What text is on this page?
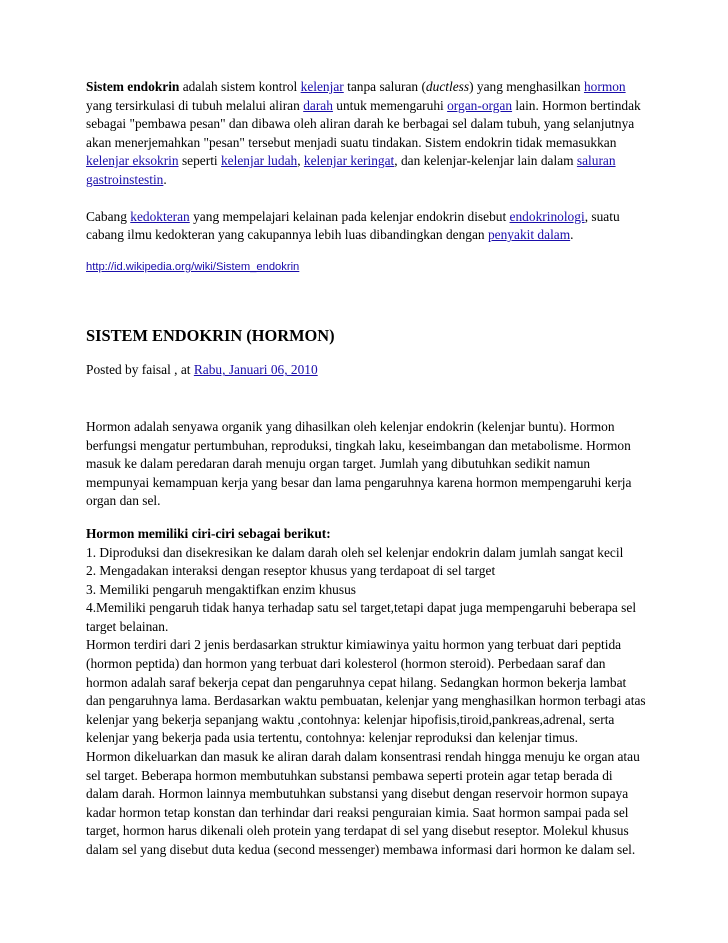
Sistem endokrin adalah sistem kontrol kelenjar tanpa saluran (ductless) yang menghasilkan hormon yang tersirkulasi di tubuh melalui aliran darah untuk memengaruhi organ-organ lain. Hormon bertindak sebagai "pembawa pesan" dan dibawa oleh aliran darah ke berbagai sel dalam tubuh, yang selanjutnya akan menerjemahkan "pesan" tersebut menjadi suatu tindakan. Sistem endokrin tidak memasukkan kelenjar eksokrin seperti kelenjar ludah, kelenjar keringat, dan kelenjar-kelenjar lain dalam saluran gastroinstestin.

Cabang kedokteran yang mempelajari kelainan pada kelenjar endokrin disebut endokrinologi, suatu cabang ilmu kedokteran yang cakupannya lebih luas dibandingkan dengan penyakit dalam.

http://id.wikipedia.org/wiki/Sistem_endokrin

SISTEM ENDOKRIN (HORMON)

Posted by faisal , at Rabu, Januari 06, 2010

Hormon adalah senyawa organik yang dihasilkan oleh kelenjar endokrin (kelenjar buntu). Hormon berfungsi mengatur pertumbuhan, reproduksi, tingkah laku, keseimbangan dan metabolisme. Hormon masuk ke dalam peredaran darah menuju organ target. Jumlah yang dibutuhkan sedikit namun mempunyai kemampuan kerja yang besar dan lama pengaruhnya karena hormon mempengaruhi kerja organ dan sel.

Hormon memiliki ciri-ciri sebagai berikut:

1. Diproduksi dan disekresikan ke dalam darah oleh sel kelenjar endokrin dalam jumlah sangat kecil

2. Mengadakan interaksi dengan reseptor khusus yang terdapoat di sel target

3. Memiliki pengaruh mengaktifkan enzim khusus

4.Memiliki pengaruh tidak hanya terhadap satu sel target,tetapi dapat juga mempengaruhi beberapa sel target belainan.

Hormon terdiri dari 2 jenis berdasarkan struktur kimiawinya yaitu hormon yang terbuat dari peptida (hormon peptida) dan hormon yang terbuat dari kolesterol (hormon steroid). Perbedaan saraf dan hormon adalah saraf bekerja cepat dan pengaruhnya cepat hilang. Sedangkan hormon bekerja lambat dan pengaruhnya lama. Berdasarkan waktu pembuatan, kelenjar yang menghasilkan hormon terbagi atas kelenjar yang bekerja sepanjang waktu ,contohnya: kelenjar hipofisis,tiroid,pankreas,adrenal, serta kelenjar yang bekerja pada usia tertentu, contohnya: kelenjar reproduksi dan kelenjar timus.

Hormon dikeluarkan dan masuk ke aliran darah dalam konsentrasi rendah hingga menuju ke organ atau sel target. Beberapa hormon membutuhkan substansi pembawa seperti protein agar tetap berada di dalam darah. Hormon lainnya membutuhkan substansi yang disebut dengan reservoir hormon supaya kadar hormon tetap konstan dan terhindar dari reaksi penguraian kimia. Saat hormon sampai pada sel target, hormon harus dikenali oleh protein yang terdapat di sel yang disebut reseptor. Molekul khusus dalam sel yang disebut duta kedua (second messenger) membawa informasi dari hormon ke dalam sel.
